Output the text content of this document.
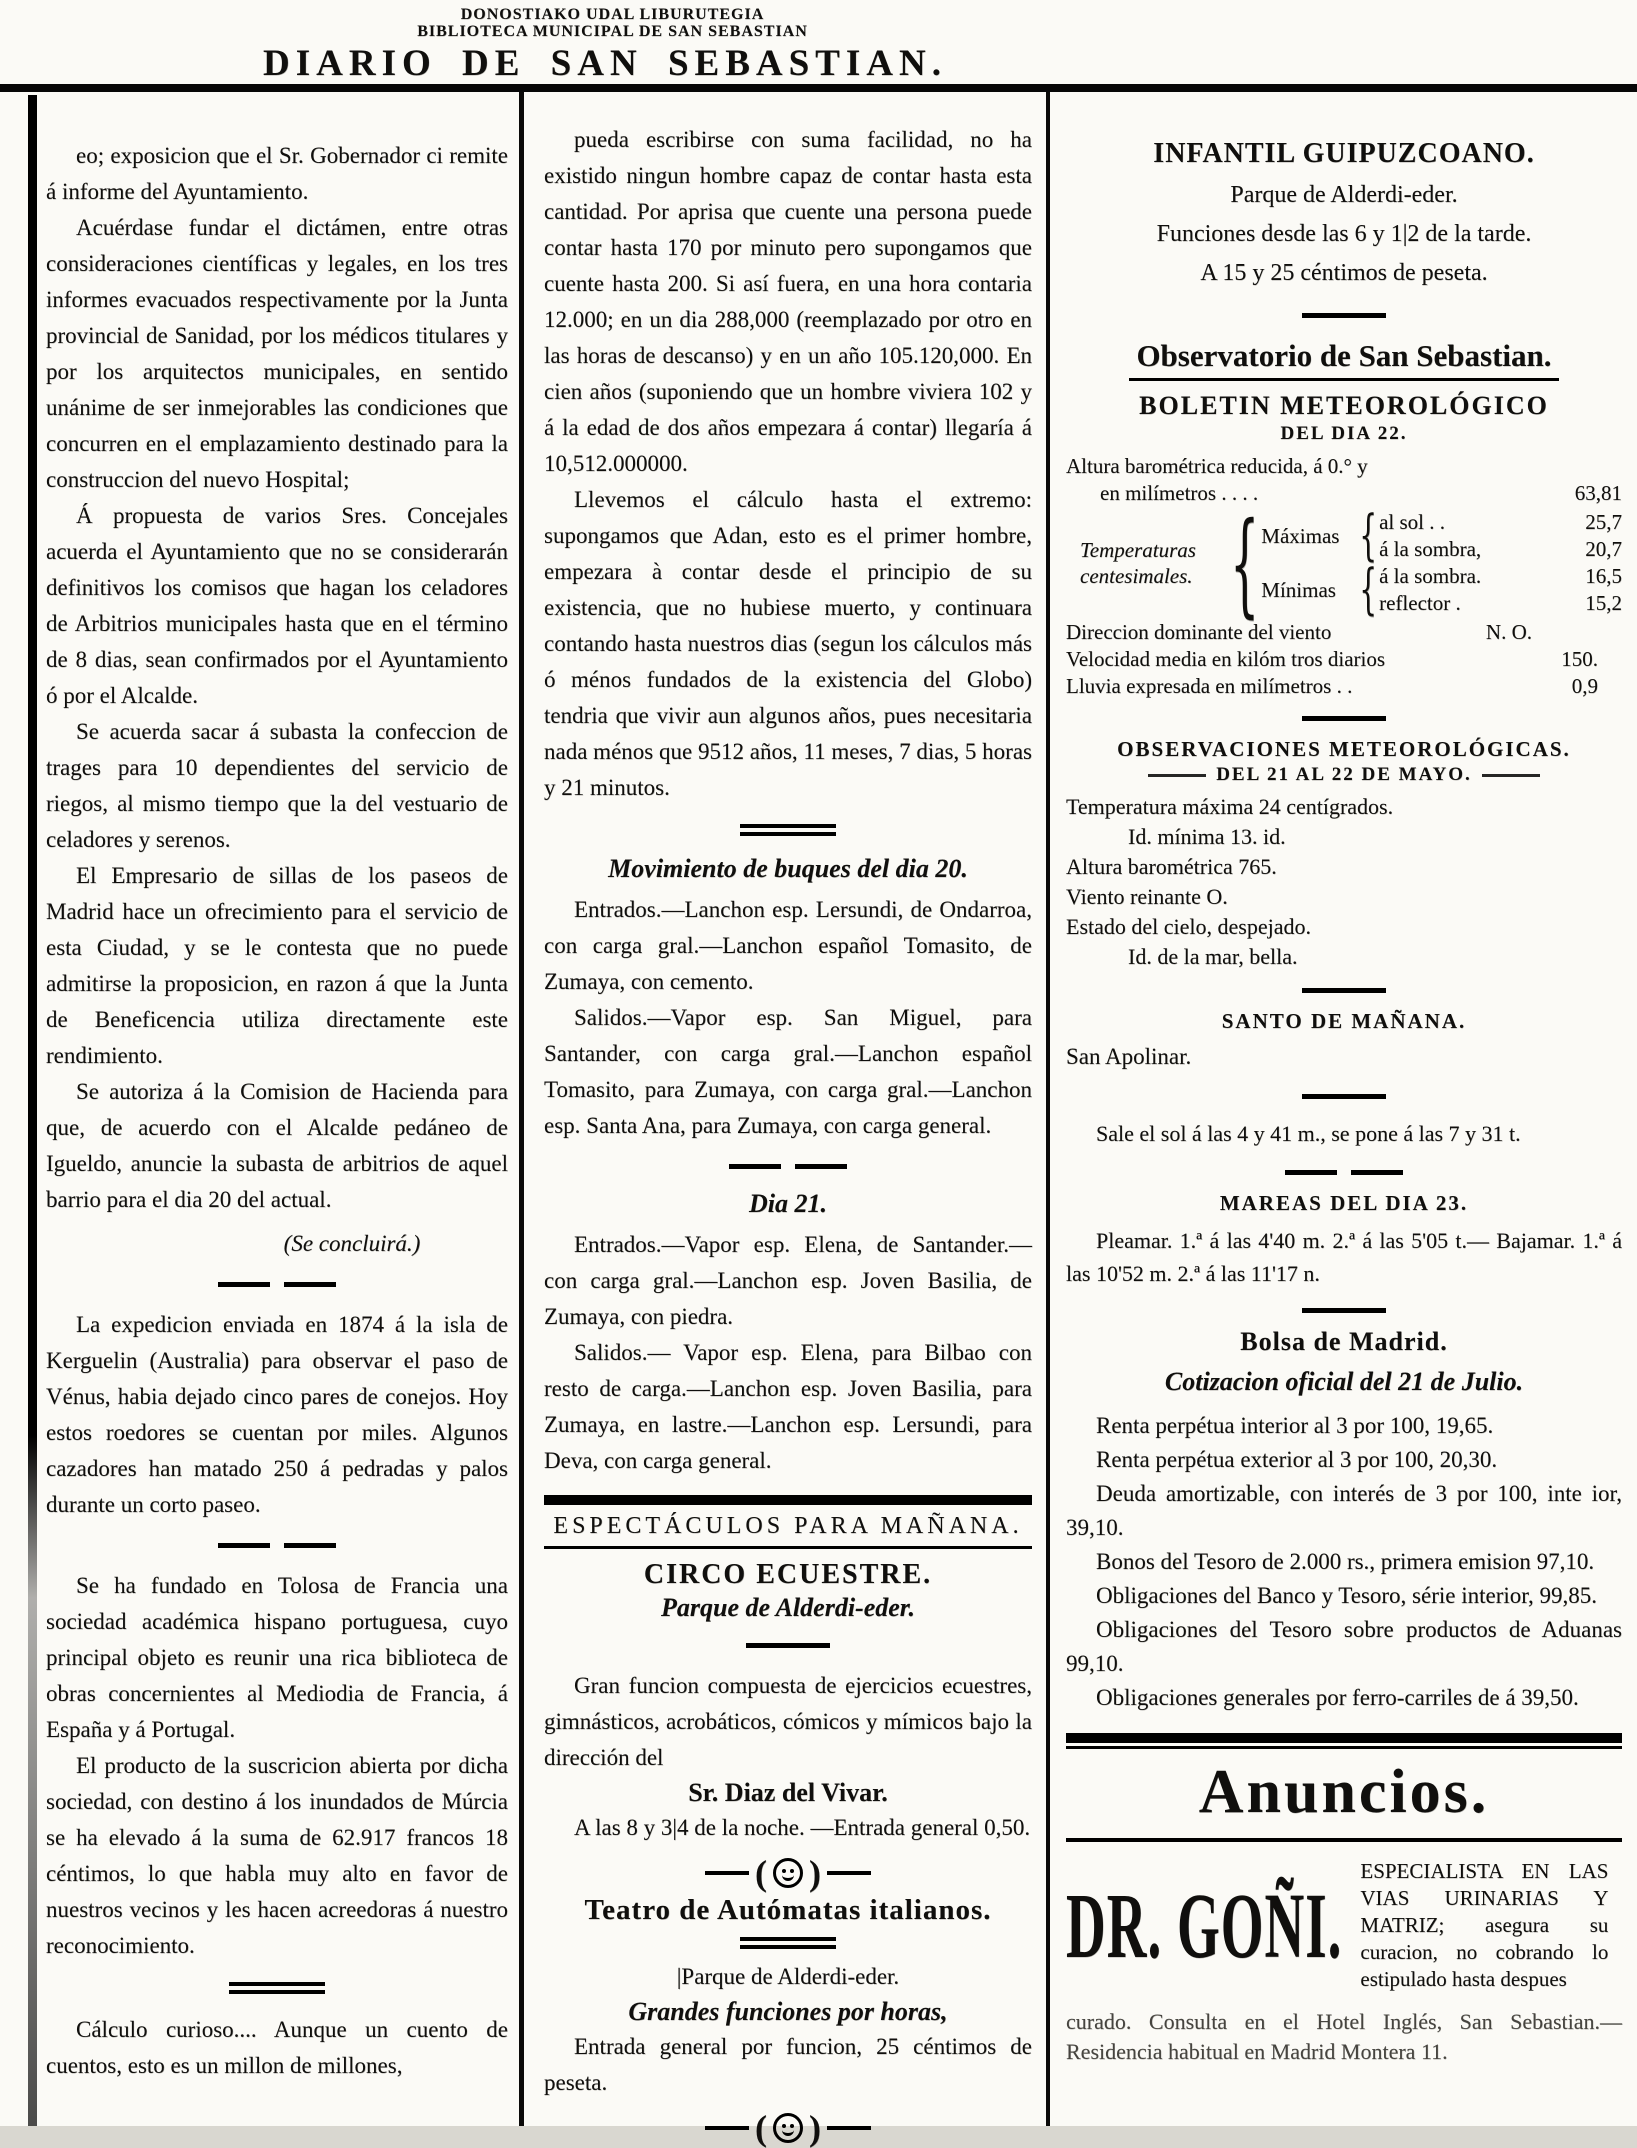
DONOSTIAKO UDAL LIBURUTEGIA
BIBLIOTECA MUNICIPAL DE SAN SEBASTIAN
DIARIO DE SAN SEBASTIAN.

eo; exposicion que el Sr. Gobernador ci remite á informe del Ayuntamiento.

Acuérdase fundar el dictámen, entre otras consideraciones científicas y legales, en los tres informes evacuados respectivamente por la Junta provincial de Sanidad, por los médicos titulares y por los arquitectos municipales, en sentido unánime de ser inmejorables las condiciones que concurren en el emplazamiento destinado para la construccion del nuevo Hospital;

Á propuesta de varios Sres. Concejales acuerda el Ayuntamiento que no se considerarán definitivos los comisos que hagan los celadores de Arbitrios municipales hasta que en el término de 8 dias, sean confirmados por el Ayuntamiento ó por el Alcalde.

Se acuerda sacar á subasta la confeccion de trages para 10 dependientes del servicio de riegos, al mismo tiempo que la del vestuario de celadores y serenos.

El Empresario de sillas de los paseos de Madrid hace un ofrecimiento para el servicio de esta Ciudad, y se le contesta que no puede admitirse la proposicion, en razon á que la Junta de Beneficencia utiliza directamente este rendimiento.

Se autoriza á la Comision de Hacienda para que, de acuerdo con el Alcalde pedáneo de Igueldo, anuncie la subasta de arbitrios de aquel barrio para el dia 20 del actual.

(Se concluirá.)

La expedicion enviada en 1874 á la isla de Kerguelin (Australia) para observar el paso de Vénus, habia dejado cinco pares de conejos. Hoy estos roedores se cuentan por miles. Algunos cazadores han matado 250 á pedradas y palos durante un corto paseo.

Se ha fundado en Tolosa de Francia una sociedad académica hispano portuguesa, cuyo principal objeto es reunir una rica biblioteca de obras concernientes al Mediodia de Francia, á España y á Portugal.

El producto de la suscricion abierta por dicha sociedad, con destino á los inundados de Múrcia se ha elevado á la suma de 62.917 francos 18 céntimos, lo que habla muy alto en favor de nuestros vecinos y les hacen acreedoras á nuestro reconocimiento.

Cálculo curioso.... Aunque un cuento de cuentos, esto es un millon de millones,

pueda escribirse con suma facilidad, no ha existido ningun hombre capaz de contar hasta esta cantidad. Por aprisa que cuente una persona puede contar hasta 170 por minuto pero supongamos que cuente hasta 200. Si así fuera, en una hora contaria 12.000; en un dia 288,000 (reemplazado por otro en las horas de descanso) y en un año 105.120,000. En cien años (suponiendo que un hombre viviera 102 y á la edad de dos años empezara á contar) llegaría á 10,512.000000.

Llevemos el cálculo hasta el extremo: supongamos que Adan, esto es el primer hombre, empezara à contar desde el principio de su existencia, que no hubiese muerto, y continuara contando hasta nuestros dias (segun los cálculos más ó ménos fundados de la existencia del Globo) tendria que vivir aun algunos años, pues necesitaria nada ménos que 9512 años, 11 meses, 7 dias, 5 horas y 21 minutos.

Movimiento de buques del dia 20.

Entrados.—Lanchon esp. Lersundi, de Ondarroa, con carga gral.—Lanchon español Tomasito, de Zumaya, con cemento.

Salidos.—Vapor esp. San Miguel, para Santander, con carga gral.—Lanchon español Tomasito, para Zumaya, con carga gral.—Lanchon esp. Santa Ana, para Zumaya, con carga general.

Dia 21.

Entrados.—Vapor esp. Elena, de Santander.— con carga gral.—Lanchon esp. Joven Basilia, de Zumaya, con piedra.

Salidos.— Vapor esp. Elena, para Bilbao con resto de carga.—Lanchon esp. Joven Basilia, para Zumaya, en lastre.—Lanchon esp. Lersundi, para Deva, con carga general.

ESPECTÁCULOS PARA MAÑANA.
CIRCO ECUESTRE.
Parque de Alderdi-eder.

Gran funcion compuesta de ejercicios ecuestres, gimnásticos, acrobáticos, cómicos y mímicos bajo la dirección del

Sr. Diaz del Vivar.

A las 8 y 3|4 de la noche. —Entrada general 0,50.

( )
Teatro de Autómatas italianos.

|Parque de Alderdi-eder.

Grandes funciones por horas,

Entrada general por funcion, 25 céntimos de peseta.

( )
INFANTIL GUIPUZCOANO.

Parque de Alderdi-eder.

Funciones desde las 6 y 1|2 de la tarde.

A 15 y 25 céntimos de peseta.

Observatorio de San Sebastian.
BOLETIN METEOROLÓGICO
DEL DIA 22.
Altura barométrica reducida, á 0.° y
en milímetros . . . .	63,81
Temperaturas
centesimales. { Máximas { al sol . .	25,7
á la sombra,	20,7
Mínimas { á la sombra.	16,5
reflector .	15,2
Direccion dominante del viento	N. O.
Velocidad media en kilóm tros diarios	150.
Lluvia expresada en milímetros . .	0,9
OBSERVACIONES METEOROLÓGICAS.
DEL 21 AL 22 DE MAYO.

Temperatura máxima 24 centígrados.

Id. mínima 13. id.

Altura barométrica 765.

Viento reinante O.

Estado del cielo, despejado.

Id. de la mar, bella.

SANTO DE MAÑANA.

San Apolinar.

Sale el sol á las 4 y 41 m., se pone á las 7 y 31 t.

MAREAS DEL DIA 23.

Pleamar. 1.ª á las 4'40 m. 2.ª á las 5'05 t.— Bajamar. 1.ª á las 10'52 m. 2.ª á las 11'17 n.

Bolsa de Madrid.
Cotizacion oficial del 21 de Julio.

Renta perpétua interior al 3 por 100, 19,65.

Renta perpétua exterior al 3 por 100, 20,30.

Deuda amortizable, con interés de 3 por 100, inte ior, 39,10.

Bonos del Tesoro de 2.000 rs., primera emision 97,10.

Obligaciones del Banco y Tesoro, série interior, 99,85.

Obligaciones del Tesoro sobre productos de Aduanas 99,10.

Obligaciones generales por ferro-carriles de á 39,50.

Anuncios.
DR. GOÑI.

ESPECIALISTA EN LAS VIAS URINARIAS Y MATRIZ; asegura su curacion, no cobrando lo estipulado hasta despues

curado. Consulta en el Hotel Inglés, San Sebastian.—Residencia habitual en Madrid Montera 11.
